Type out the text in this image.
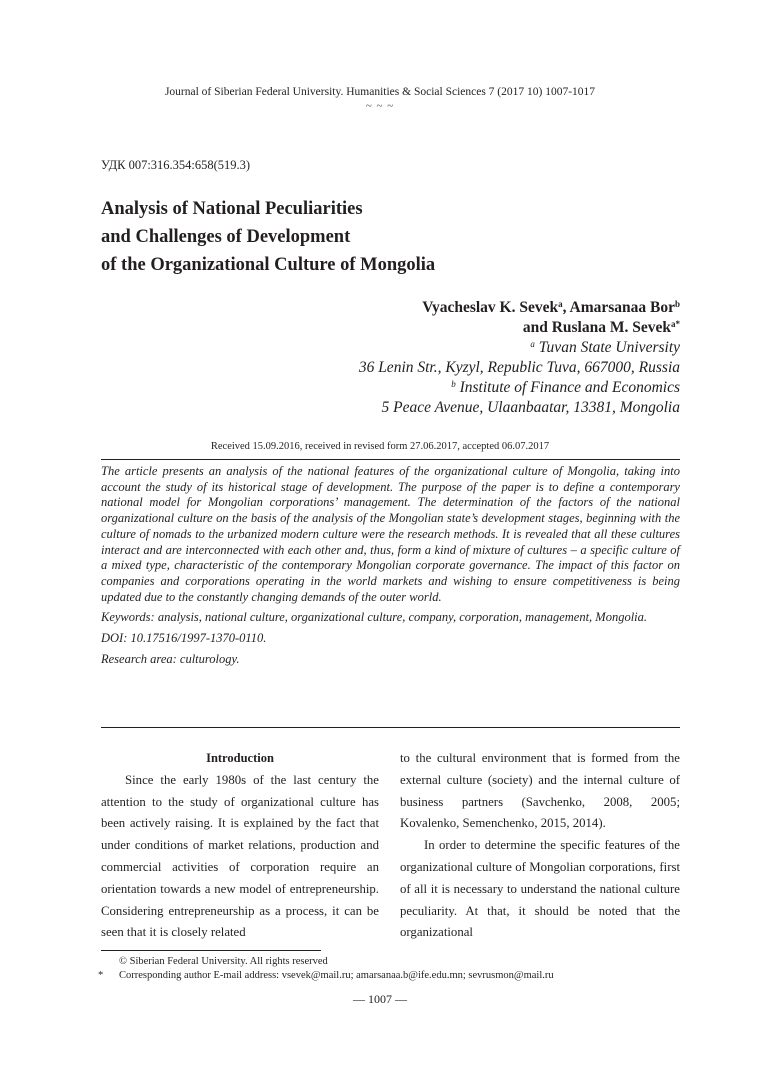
Journal of Siberian Federal University. Humanities & Social Sciences 7 (2017 10) 1007-1017
~ ~ ~
УДК 007:316.354:658(519.3)
Analysis of National Peculiarities
and Challenges of Development
of the Organizational Culture of Mongolia
Vyacheslav K. Sevek$^a$, Amarsanaa Bor$^b$
and Ruslana M. Sevek$^{a*}$
$^a$ Tuvan State University
36 Lenin Str., Kyzyl, Republic Tuva, 667000, Russia
$^b$ Institute of Finance and Economics
5 Peace Avenue, Ulaanbaatar, 13381, Mongolia
Received 15.09.2016, received in revised form 27.06.2017, accepted 06.07.2017

The article presents an analysis of the national features of the organizational culture of Mongolia, taking into account the study of its historical stage of development. The purpose of the paper is to define a contemporary national model for Mongolian corporations’ management. The determination of the factors of the national organizational culture on the basis of the analysis of the Mongolian state’s development stages, beginning with the culture of nomads to the urbanized modern culture were the research methods. It is revealed that all these cultures interact and are interconnected with each other and, thus, form a kind of mixture of cultures – a specific culture of a mixed type, characteristic of the contemporary Mongolian corporate governance. The impact of this factor on companies and corporations operating in the world markets and wishing to ensure competitiveness is being updated due to the constantly changing demands of the outer world.

Keywords: analysis, national culture, organizational culture, company, corporation, management, Mongolia.

DOI: 10.17516/1997-1370-0110.

Research area: culturology.

Introduction

Since the early 1980s of the last century the attention to the study of organizational culture has been actively raising. It is explained by the fact that under conditions of market relations, production and commercial activities of corporation require an orientation towards a new model of entrepreneurship. Considering entrepreneurship as a process, it can be seen that it is closely related

to the cultural environment that is formed from the external culture (society) and the internal culture of business partners (Savchenko, 2008, 2005; Kovalenko, Semenchenko, 2015, 2014).

In order to determine the specific features of the organizational culture of Mongolian corporations, first of all it is necessary to understand the national culture peculiarity. At that, it should be noted that the organizational

© Siberian Federal University. All rights reserved
* Corresponding author E-mail address: vsevek@mail.ru; amarsanaa.b@ife.edu.mn; sevrusmon@mail.ru
— 1007 —
